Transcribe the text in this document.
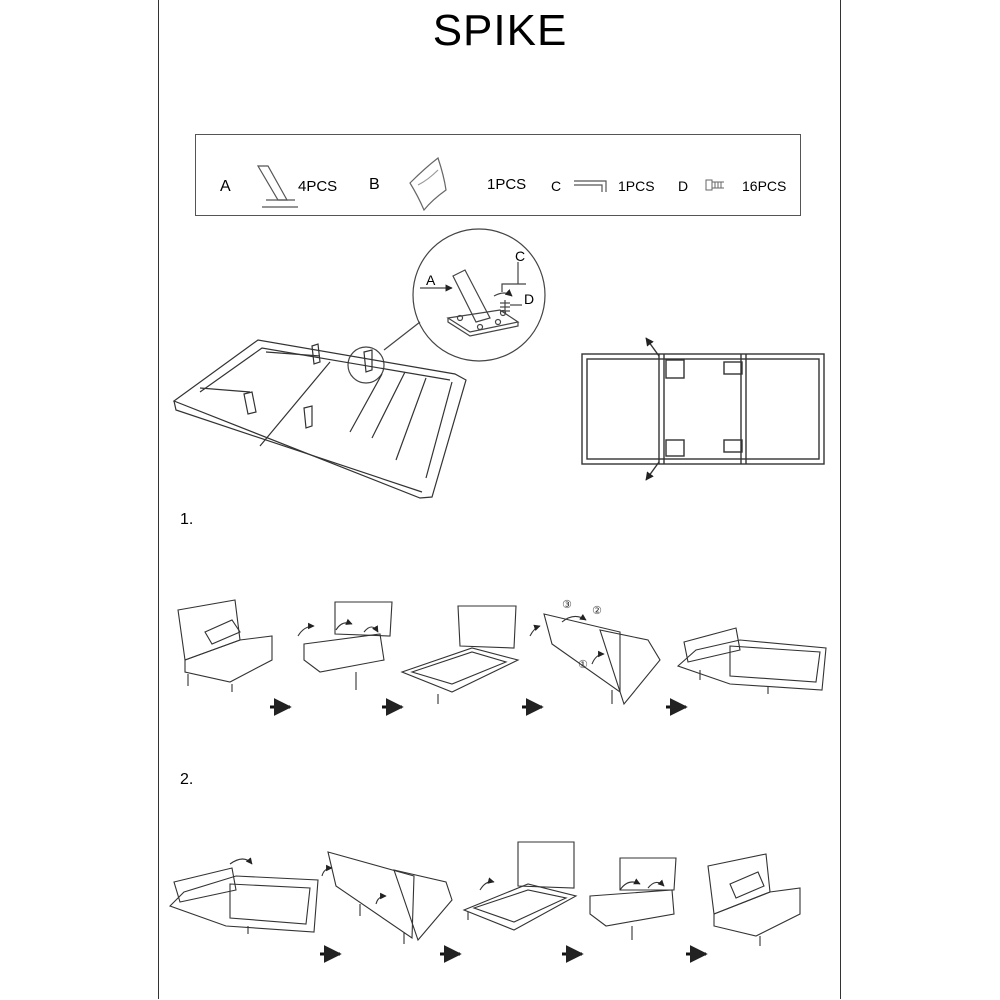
SPIKE
A	4PCS B	1PCS C	1PCS D	16PCS
③ ②
①
A
C
D
1.
2.
